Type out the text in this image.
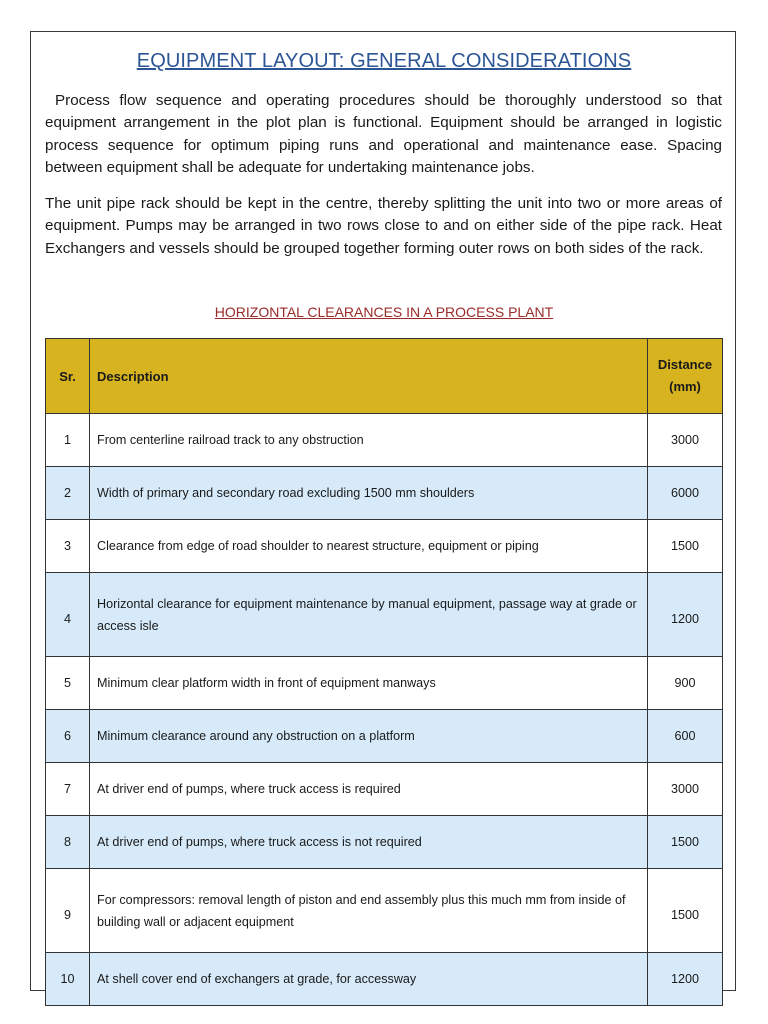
EQUIPMENT LAYOUT: GENERAL CONSIDERATIONS

Process flow sequence and operating procedures should be thoroughly understood so that equipment arrangement in the plot plan is functional. Equipment should be arranged in logistic process sequence for optimum piping runs and operational and maintenance ease. Spacing between equipment shall be adequate for undertaking maintenance jobs.

The unit pipe rack should be kept in the centre, thereby splitting the unit into two or more areas of equipment. Pumps may be arranged in two rows close to and on either side of the pipe rack. Heat Exchangers and vessels should be grouped together forming outer rows on both sides of the rack.

HORIZONTAL CLEARANCES IN A PROCESS PLANT
Sr.	Description	Distance (mm)
1	From centerline railroad track to any obstruction	3000
2	Width of primary and secondary road excluding 1500 mm shoulders	6000
3	Clearance from edge of road shoulder to nearest structure, equipment or piping	1500
4	Horizontal clearance for equipment maintenance by manual equipment, passage way at grade or access isle	1200
5	Minimum clear platform width in front of equipment manways	900
6	Minimum clearance around any obstruction on a platform	600
7	At driver end of pumps, where truck access is required	3000
8	At driver end of pumps, where truck access is not required	1500
9	For compressors: removal length of piston and end assembly plus this much mm from inside of building wall or adjacent equipment	1500
10	At shell cover end of exchangers at grade, for accessway	1200
